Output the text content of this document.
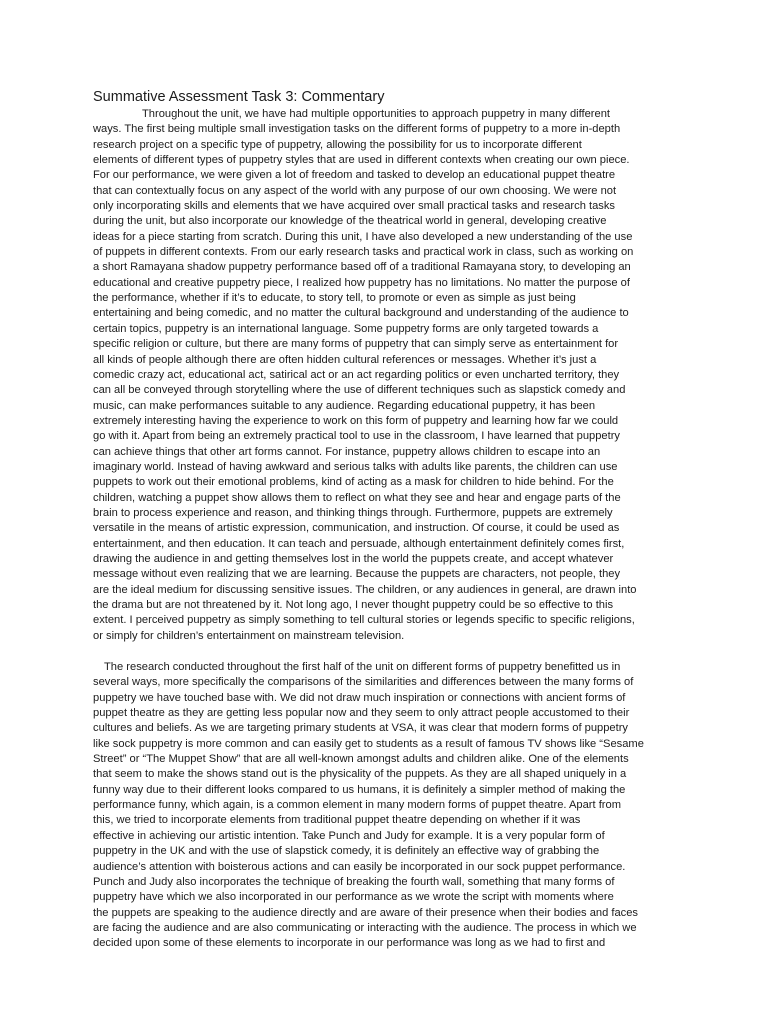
Summative Assessment Task 3: Commentary
Throughout the unit, we have had multiple opportunities to approach puppetry in many different
ways. The first being multiple small investigation tasks on the different forms of puppetry to a more in-depth
research project on a specific type of puppetry, allowing the possibility for us to incorporate different
elements of different types of puppetry styles that are used in different contexts when creating our own piece.
For our performance, we were given a lot of freedom and tasked to develop an educational puppet theatre
that can contextually focus on any aspect of the world with any purpose of our own choosing. We were not
only incorporating skills and elements that we have acquired over small practical tasks and research tasks
during the unit, but also incorporate our knowledge of the theatrical world in general, developing creative
ideas for a piece starting from scratch. During this unit, I have also developed a new understanding of the use
of puppets in different contexts. From our early research tasks and practical work in class, such as working on
a short Ramayana shadow puppetry performance based off of a traditional Ramayana story, to developing an
educational and creative puppetry piece, I realized how puppetry has no limitations. No matter the purpose of
the performance, whether if it’s to educate, to story tell, to promote or even as simple as just being
entertaining and being comedic, and no matter the cultural background and understanding of the audience to
certain topics, puppetry is an international language. Some puppetry forms are only targeted towards a
specific religion or culture, but there are many forms of puppetry that can simply serve as entertainment for
all kinds of people although there are often hidden cultural references or messages. Whether it’s just a
comedic crazy act, educational act, satirical act or an act regarding politics or even uncharted territory, they
can all be conveyed through storytelling where the use of different techniques such as slapstick comedy and
music, can make performances suitable to any audience. Regarding educational puppetry, it has been
extremely interesting having the experience to work on this form of puppetry and learning how far we could
go with it. Apart from being an extremely practical tool to use in the classroom, I have learned that puppetry
can achieve things that other art forms cannot. For instance, puppetry allows children to escape into an
imaginary world. Instead of having awkward and serious talks with adults like parents, the children can use
puppets to work out their emotional problems, kind of acting as a mask for children to hide behind. For the
children, watching a puppet show allows them to reflect on what they see and hear and engage parts of the
brain to process experience and reason, and thinking things through. Furthermore, puppets are extremely
versatile in the means of artistic expression, communication, and instruction. Of course, it could be used as
entertainment, and then education. It can teach and persuade, although entertainment definitely comes first,
drawing the audience in and getting themselves lost in the world the puppets create, and accept whatever
message without even realizing that we are learning. Because the puppets are characters, not people, they
are the ideal medium for discussing sensitive issues. The children, or any audiences in general, are drawn into
the drama but are not threatened by it. Not long ago, I never thought puppetry could be so effective to this
extent. I perceived puppetry as simply something to tell cultural stories or legends specific to specific religions,
or simply for children’s entertainment on mainstream television.
The research conducted throughout the first half of the unit on different forms of puppetry benefitted us in
several ways, more specifically the comparisons of the similarities and differences between the many forms of
puppetry we have touched base with. We did not draw much inspiration or connections with ancient forms of
puppet theatre as they are getting less popular now and they seem to only attract people accustomed to their
cultures and beliefs. As we are targeting primary students at VSA, it was clear that modern forms of puppetry
like sock puppetry is more common and can easily get to students as a result of famous TV shows like “Sesame
Street” or “The Muppet Show” that are all well-known amongst adults and children alike. One of the elements
that seem to make the shows stand out is the physicality of the puppets. As they are all shaped uniquely in a
funny way due to their different looks compared to us humans, it is definitely a simpler method of making the
performance funny, which again, is a common element in many modern forms of puppet theatre. Apart from
this, we tried to incorporate elements from traditional puppet theatre depending on whether if it was
effective in achieving our artistic intention. Take Punch and Judy for example. It is a very popular form of
puppetry in the UK and with the use of slapstick comedy, it is definitely an effective way of grabbing the
audience’s attention with boisterous actions and can easily be incorporated in our sock puppet performance.
Punch and Judy also incorporates the technique of breaking the fourth wall, something that many forms of
puppetry have which we also incorporated in our performance as we wrote the script with moments where
the puppets are speaking to the audience directly and are aware of their presence when their bodies and faces
are facing the audience and are also communicating or interacting with the audience. The process in which we
decided upon some of these elements to incorporate in our performance was long as we had to first and
